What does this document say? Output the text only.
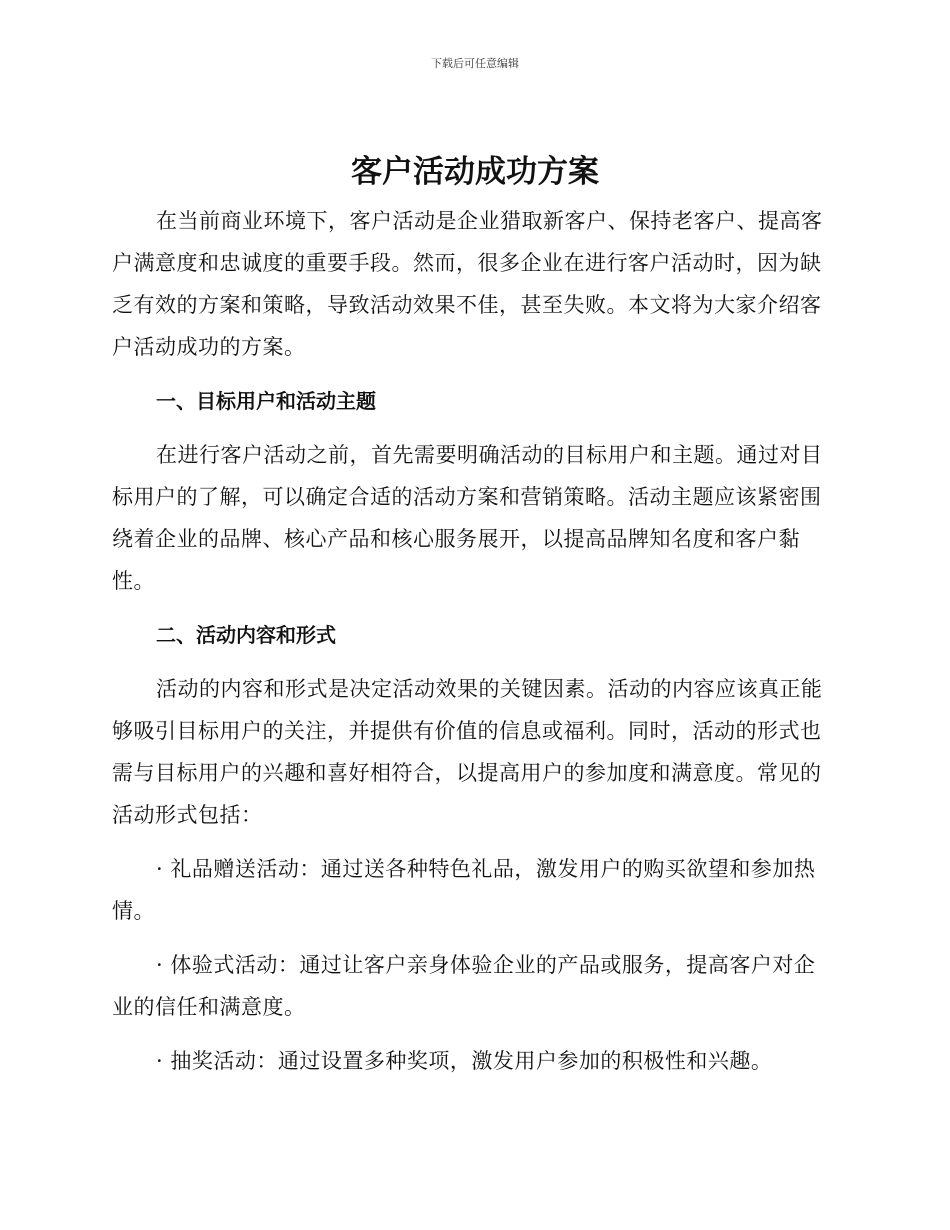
下载后可任意编辑
客户活动成功方案

在当前商业环境下，客户活动是企业猎取新客户、保持老客户、提高客户满意度和忠诚度的重要手段。然而，很多企业在进行客户活动时，因为缺乏有效的方案和策略，导致活动效果不佳，甚至失败。本文将为大家介绍客户活动成功的方案。

一、目标用户和活动主题

在进行客户活动之前，首先需要明确活动的目标用户和主题。通过对目标用户的了解，可以确定合适的活动方案和营销策略。活动主题应该紧密围绕着企业的品牌、核心产品和核心服务展开，以提高品牌知名度和客户黏性。

二、活动内容和形式

活动的内容和形式是决定活动效果的关键因素。活动的内容应该真正能够吸引目标用户的关注，并提供有价值的信息或福利。同时，活动的形式也需与目标用户的兴趣和喜好相符合，以提高用户的参加度和满意度。常见的活动形式包括：

· 礼品赠送活动：通过送各种特色礼品，激发用户的购买欲望和参加热情。

· 体验式活动：通过让客户亲身体验企业的产品或服务，提高客户对企业的信任和满意度。

· 抽奖活动：通过设置多种奖项，激发用户参加的积极性和兴趣。
